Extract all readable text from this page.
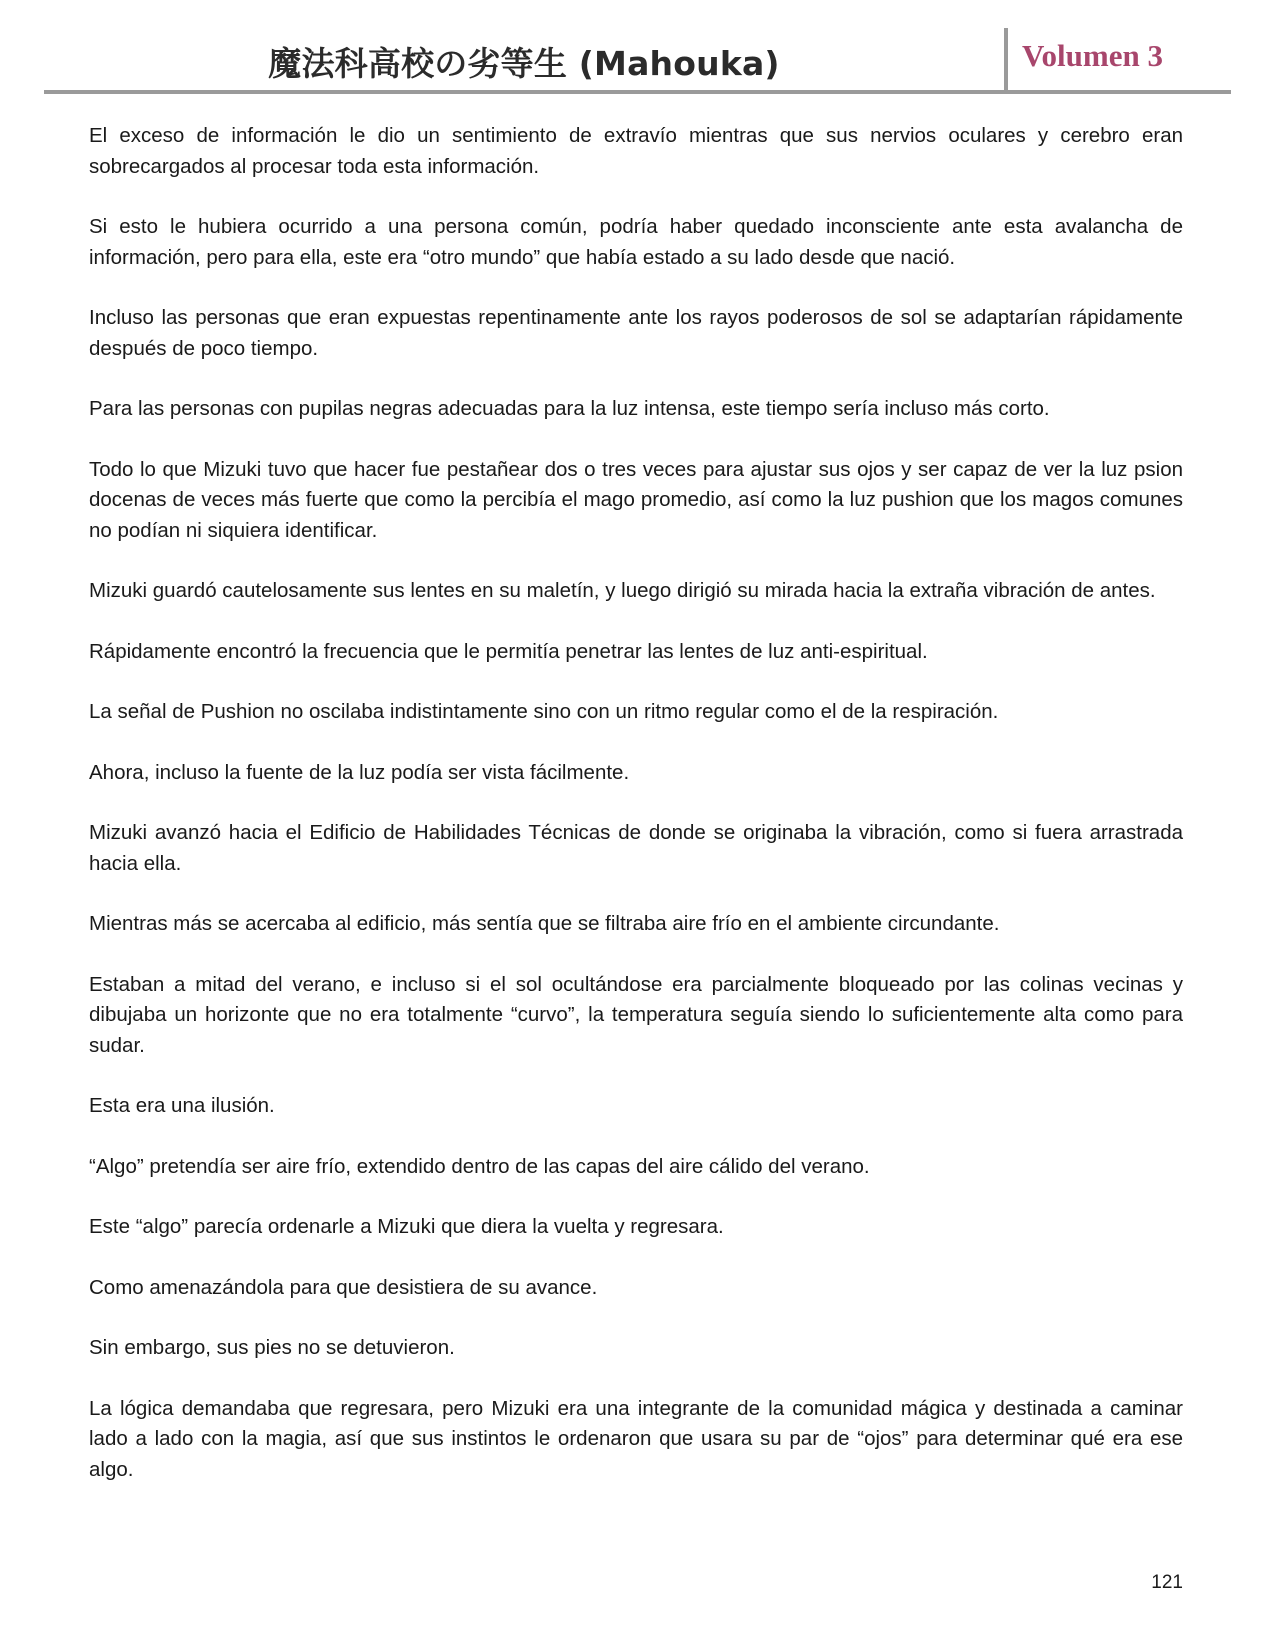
魔法科高校の劣等生 (Mahouka)	Volumen 3

El exceso de información le dio un sentimiento de extravío mientras que sus nervios oculares y cerebro eran sobrecargados al procesar toda esta información.

Si esto le hubiera ocurrido a una persona común, podría haber quedado inconsciente ante esta avalancha de información, pero para ella, este era “otro mundo” que había estado a su lado desde que nació.

Incluso las personas que eran expuestas repentinamente ante los rayos poderosos de sol se adaptarían rápidamente después de poco tiempo.

Para las personas con pupilas negras adecuadas para la luz intensa, este tiempo sería incluso más corto.

Todo lo que Mizuki tuvo que hacer fue pestañear dos o tres veces para ajustar sus ojos y ser capaz de ver la luz psion docenas de veces más fuerte que como la percibía el mago promedio, así como la luz pushion que los magos comunes no podían ni siquiera identificar.

Mizuki guardó cautelosamente sus lentes en su maletín, y luego dirigió su mirada hacia la extraña vibración de antes.

Rápidamente encontró la frecuencia que le permitía penetrar las lentes de luz anti-espiritual.

La señal de Pushion no oscilaba indistintamente sino con un ritmo regular como el de la respiración.

Ahora, incluso la fuente de la luz podía ser vista fácilmente.

Mizuki avanzó hacia el Edificio de Habilidades Técnicas de donde se originaba la vibración, como si fuera arrastrada hacia ella.

Mientras más se acercaba al edificio, más sentía que se filtraba aire frío en el ambiente circundante.

Estaban a mitad del verano, e incluso si el sol ocultándose era parcialmente bloqueado por las colinas vecinas y dibujaba un horizonte que no era totalmente “curvo”, la temperatura seguía siendo lo suficientemente alta como para sudar.

Esta era una ilusión.

“Algo” pretendía ser aire frío, extendido dentro de las capas del aire cálido del verano.

Este “algo” parecía ordenarle a Mizuki que diera la vuelta y regresara.

Como amenazándola para que desistiera de su avance.

Sin embargo, sus pies no se detuvieron.

La lógica demandaba que regresara, pero Mizuki era una integrante de la comunidad mágica y destinada a caminar lado a lado con la magia, así que sus instintos le ordenaron que usara su par de “ojos” para determinar qué era ese algo.

121
